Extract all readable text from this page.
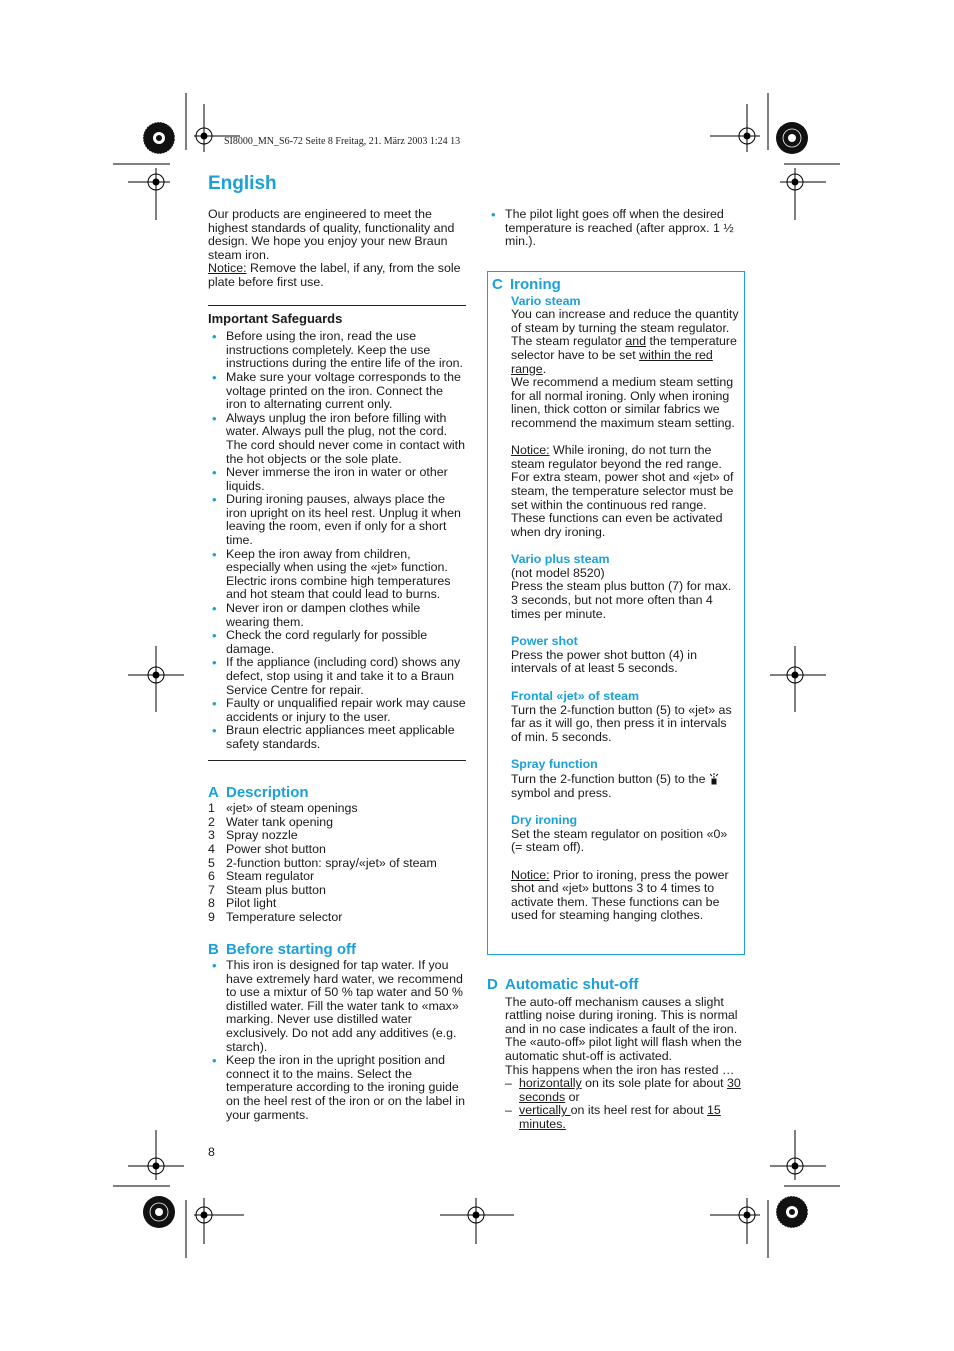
SI8000_MN_S6-72 Seite 8 Freitag, 21. März 2003 1:24 13
English

Our products are engineered to meet the highest standards of quality, functionality and design. We hope you enjoy your new Braun steam iron.

Notice: Remove the label, if any, from the sole plate before first use.

Important Safeguards

• Before using the iron, read the use instructions completely. Keep the use instructions during the entire life of the iron.
• Make sure your voltage corresponds to the voltage printed on the iron. Connect the iron to alternating current only.
• Always unplug the iron before filling with water. Always pull the plug, not the cord. The cord should never come in contact with the hot objects or the sole plate.
• Never immerse the iron in water or other liquids.
• During ironing pauses, always place the iron upright on its heel rest. Unplug it when leaving the room, even if only for a short time.
• Keep the iron away from children, especially when using the «jet» function. Electric irons combine high temperatures and hot steam that could lead to burns.
• Never iron or dampen clothes while wearing them.
• Check the cord regularly for possible damage.
• If the appliance (including cord) shows any defect, stop using it and take it to a Braun Service Centre for repair.
• Faulty or unqualified repair work may cause accidents or injury to the user.
• Braun electric appliances meet applicable safety standards.
A Description
1 «jet» of steam openings
2 Water tank opening
3 Spray nozzle
4 Power shot button
5 2-function button: spray/«jet» of steam
6 Steam regulator
7 Steam plus button
8 Pilot light
9 Temperature selector
B Before starting off
• This iron is designed for tap water. If you have extremely hard water, we recommend to use a mixtur of 50 % tap water and 50 % distilled water. Fill the water tank to «max» marking. Never use distilled water exclusively. Do not add any additives (e.g. starch).
• Keep the iron in the upright position and connect it to the mains. Select the temperature according to the ironing guide on the heel rest of the iron or on the label in your garments.
8
• The pilot light goes off when the desired temperature is reached (after approx. 1 ½ min.).
C Ironing

Vario steam

You can increase and reduce the quantity of steam by turning the steam regulator. The steam regulator and the temperature selector have to be set within the red range.

We recommend a medium steam setting for all normal ironing. Only when ironing linen, thick cotton or similar fabrics we recommend the maximum steam setting.

Notice: While ironing, do not turn the steam regulator beyond the red range. For extra steam, power shot and «jet» of steam, the temperature selector must be set within the continuous red range. These functions can even be activated when dry ironing.

Vario plus steam

(not model 8520)

Press the steam plus button (7) for max. 3 seconds, but not more often than 4 times per minute.

Power shot

Press the power shot button (4) in intervals of at least 5 seconds.

Frontal «jet» of steam

Turn the 2-function button (5) to «jet» as far as it will go, then press it in intervals of min. 5 seconds.

Spray function

Turn the 2-function button (5) to the
symbol and press.

Dry ironing

Set the steam regulator on position «0» (= steam off).

Notice: Prior to ironing, press the power shot and «jet» buttons 3 to 4 times to activate them. These functions can be used for steaming hanging clothes.

D Automatic shut-off

The auto-off mechanism causes a slight rattling noise during ironing. This is normal and in no case indicates a fault of the iron. The «auto-off» pilot light will flash when the automatic shut-off is activated.

This happens when the iron has rested …

– horizontally on its sole plate for about 30 seconds or
– vertically on its heel rest for about 15 minutes.
